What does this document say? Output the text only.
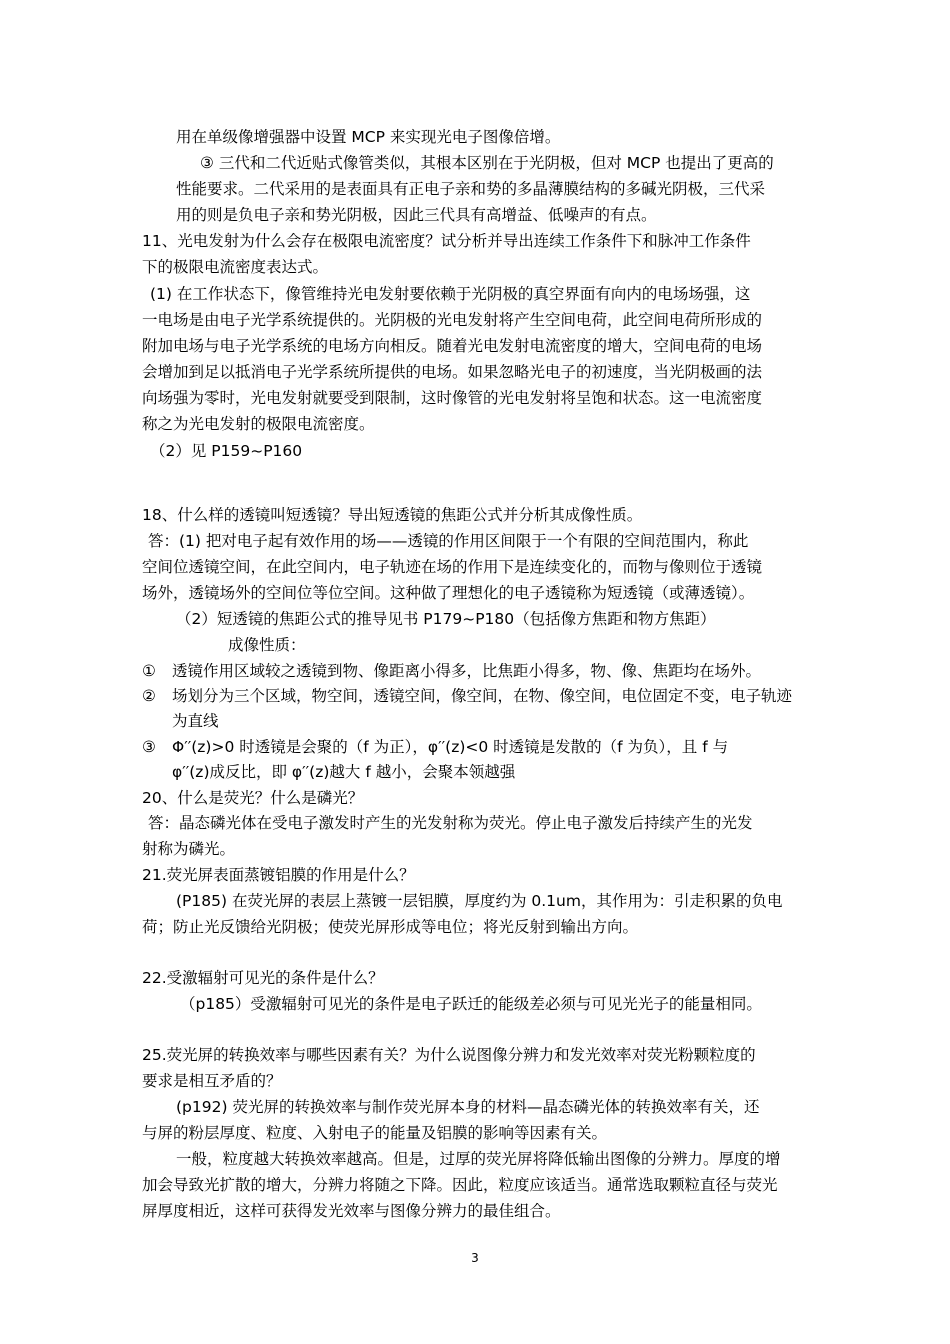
用在单级像增强器中设置 MCP 来实现光电子图像倍增。
③ 三代和二代近贴式像管类似，其根本区别在于光阴极，但对 MCP 也提出了更高的
性能要求。二代采用的是表面具有正电子亲和势的多晶薄膜结构的多碱光阴极，三代采
用的则是负电子亲和势光阴极，因此三代具有高增益、低噪声的有点。
11、光电发射为什么会存在极限电流密度？试分析并导出连续工作条件下和脉冲工作条件
下的极限电流密度表达式。
(1) 在工作状态下，像管维持光电发射要依赖于光阴极的真空界面有向内的电场场强，这
一电场是由电子光学系统提供的。光阴极的光电发射将产生空间电荷，此空间电荷所形成的
附加电场与电子光学系统的电场方向相反。随着光电发射电流密度的增大，空间电荷的电场
会增加到足以抵消电子光学系统所提供的电场。如果忽略光电子的初速度，当光阴极画的法
向场强为零时，光电发射就要受到限制，这时像管的光电发射将呈饱和状态。这一电流密度
称之为光电发射的极限电流密度。
（2）见 P159~P160
18、什么样的透镜叫短透镜？导出短透镜的焦距公式并分析其成像性质。
答：(1) 把对电子起有效作用的场——透镜的作用区间限于一个有限的空间范围内，称此
空间位透镜空间，在此空间内，电子轨迹在场的作用下是连续变化的，而物与像则位于透镜
场外，透镜场外的空间位等位空间。这种做了理想化的电子透镜称为短透镜（或薄透镜）。
（2）短透镜的焦距公式的推导见书 P179~P180（包括像方焦距和物方焦距）
成像性质：
①	透镜作用区域较之透镜到物、像距离小得多，比焦距小得多，物、像、焦距均在场外。
②	场划分为三个区域，物空间，透镜空间，像空间，在物、像空间，电位固定不变，电子轨迹
为直线
③	Φ′′(z)>0 时透镜是会聚的（f 为正），φ′′(z)<0 时透镜是发散的（f 为负），且 f 与
φ′′(z)成反比，即 φ′′(z)越大 f 越小，会聚本领越强
20、什么是荧光？什么是磷光？
答：晶态磷光体在受电子激发时产生的光发射称为荧光。停止电子激发后持续产生的光发
射称为磷光。
21.荧光屏表面蒸镀铝膜的作用是什么？
(P185) 在荧光屏的表层上蒸镀一层铝膜，厚度约为 0.1um，其作用为：引走积累的负电
荷；防止光反馈给光阴极；使荧光屏形成等电位；将光反射到输出方向。
22.受激辐射可见光的条件是什么？
（p185）受激辐射可见光的条件是电子跃迁的能级差必须与可见光光子的能量相同。
25.荧光屏的转换效率与哪些因素有关？为什么说图像分辨力和发光效率对荧光粉颗粒度的
要求是相互矛盾的？
(p192) 荧光屏的转换效率与制作荧光屏本身的材料—晶态磷光体的转换效率有关，还
与屏的粉层厚度、粒度、入射电子的能量及铝膜的影响等因素有关。
一般，粒度越大转换效率越高。但是，过厚的荧光屏将降低输出图像的分辨力。厚度的增
加会导致光扩散的增大，分辨力将随之下降。因此，粒度应该适当。通常选取颗粒直径与荧光
屏厚度相近，这样可获得发光效率与图像分辨力的最佳组合。
3
